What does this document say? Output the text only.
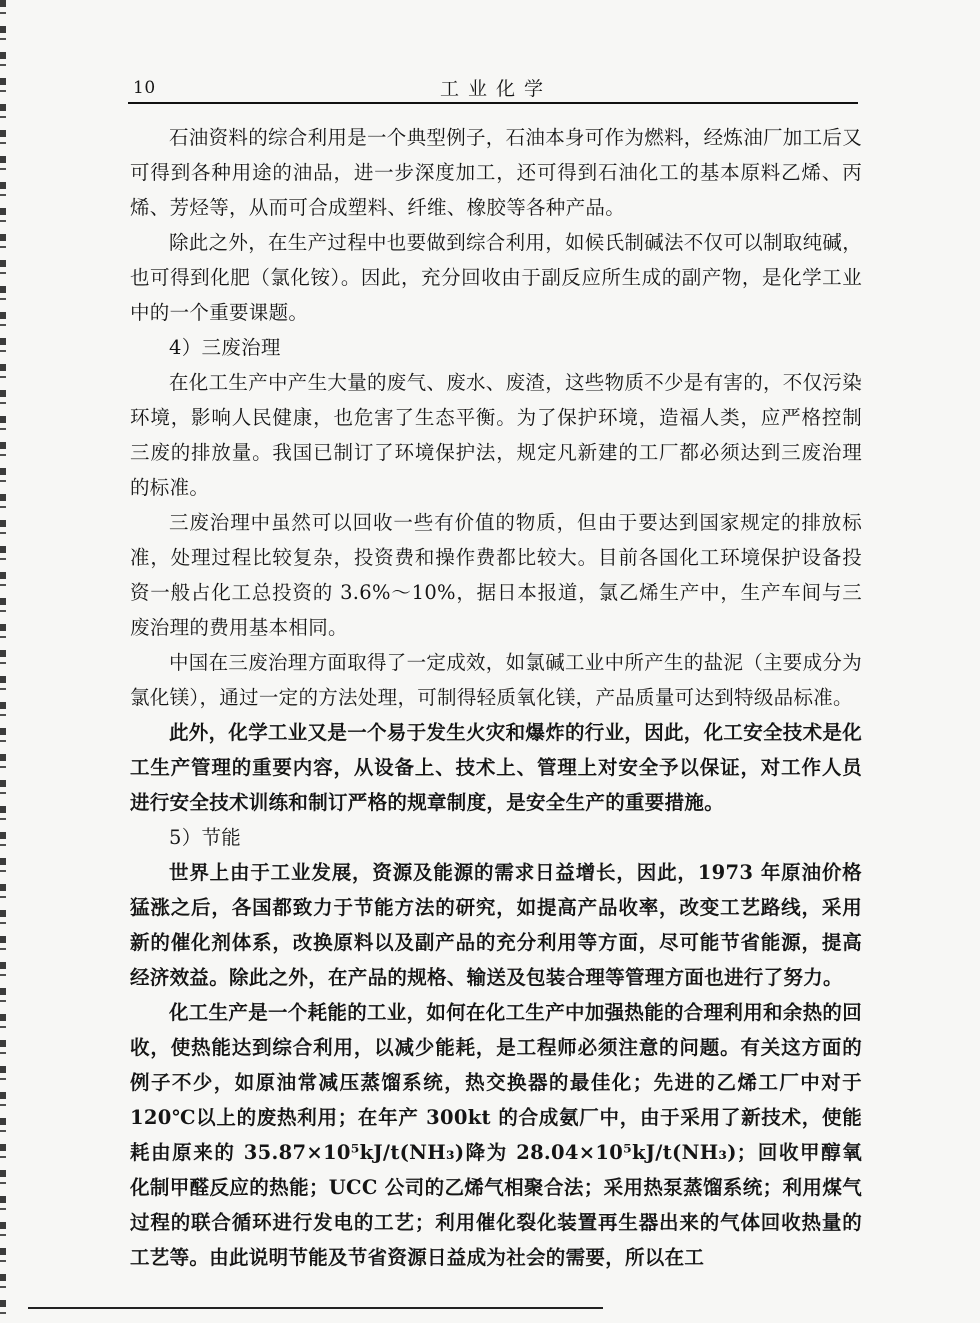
10	工业化学

石油资料的综合利用是一个典型例子，石油本身可作为燃料，经炼油厂加工后又可得到各种用途的油品，进一步深度加工，还可得到石油化工的基本原料乙烯、丙烯、芳烃等，从而可合成塑料、纤维、橡胶等各种产品。

除此之外，在生产过程中也要做到综合利用，如候氏制碱法不仅可以制取纯碱，也可得到化肥（氯化铵）。因此，充分回收由于副反应所生成的副产物，是化学工业中的一个重要课题。

4）三废治理

在化工生产中产生大量的废气、废水、废渣，这些物质不少是有害的，不仅污染环境，影响人民健康，也危害了生态平衡。为了保护环境，造福人类，应严格控制三废的排放量。我国已制订了环境保护法，规定凡新建的工厂都必须达到三废治理的标准。

三废治理中虽然可以回收一些有价值的物质，但由于要达到国家规定的排放标准，处理过程比较复杂，投资费和操作费都比较大。目前各国化工环境保护设备投资一般占化工总投资的 3.6%～10%，据日本报道，氯乙烯生产中，生产车间与三废治理的费用基本相同。

中国在三废治理方面取得了一定成效，如氯碱工业中所产生的盐泥（主要成分为氯化镁），通过一定的方法处理，可制得轻质氧化镁，产品质量可达到特级品标准。

此外，化学工业又是一个易于发生火灾和爆炸的行业，因此，化工安全技术是化工生产管理的重要内容，从设备上、技术上、管理上对安全予以保证，对工作人员进行安全技术训练和制订严格的规章制度，是安全生产的重要措施。

5）节能

世界上由于工业发展，资源及能源的需求日益增长，因此，1973 年原油价格猛涨之后，各国都致力于节能方法的研究，如提高产品收率，改变工艺路线，采用新的催化剂体系，改换原料以及副产品的充分利用等方面，尽可能节省能源，提高经济效益。除此之外，在产品的规格、输送及包装合理等管理方面也进行了努力。

化工生产是一个耗能的工业，如何在化工生产中加强热能的合理利用和余热的回收，使热能达到综合利用，以减少能耗，是工程师必须注意的问题。有关这方面的例子不少，如原油常减压蒸馏系统，热交换器的最佳化；先进的乙烯工厂中对于 120℃以上的废热利用；在年产 300kt 的合成氨厂中，由于采用了新技术，使能耗由原来的 35.87×10⁵kJ/t(NH₃)降为 28.04×10⁵kJ/t(NH₃)；回收甲醇氧化制甲醛反应的热能；UCC 公司的乙烯气相聚合法；采用热泵蒸馏系统；利用煤气过程的联合循环进行发电的工艺；利用催化裂化装置再生器出来的气体回收热量的工艺等。由此说明节能及节省资源日益成为社会的需要，所以在工
